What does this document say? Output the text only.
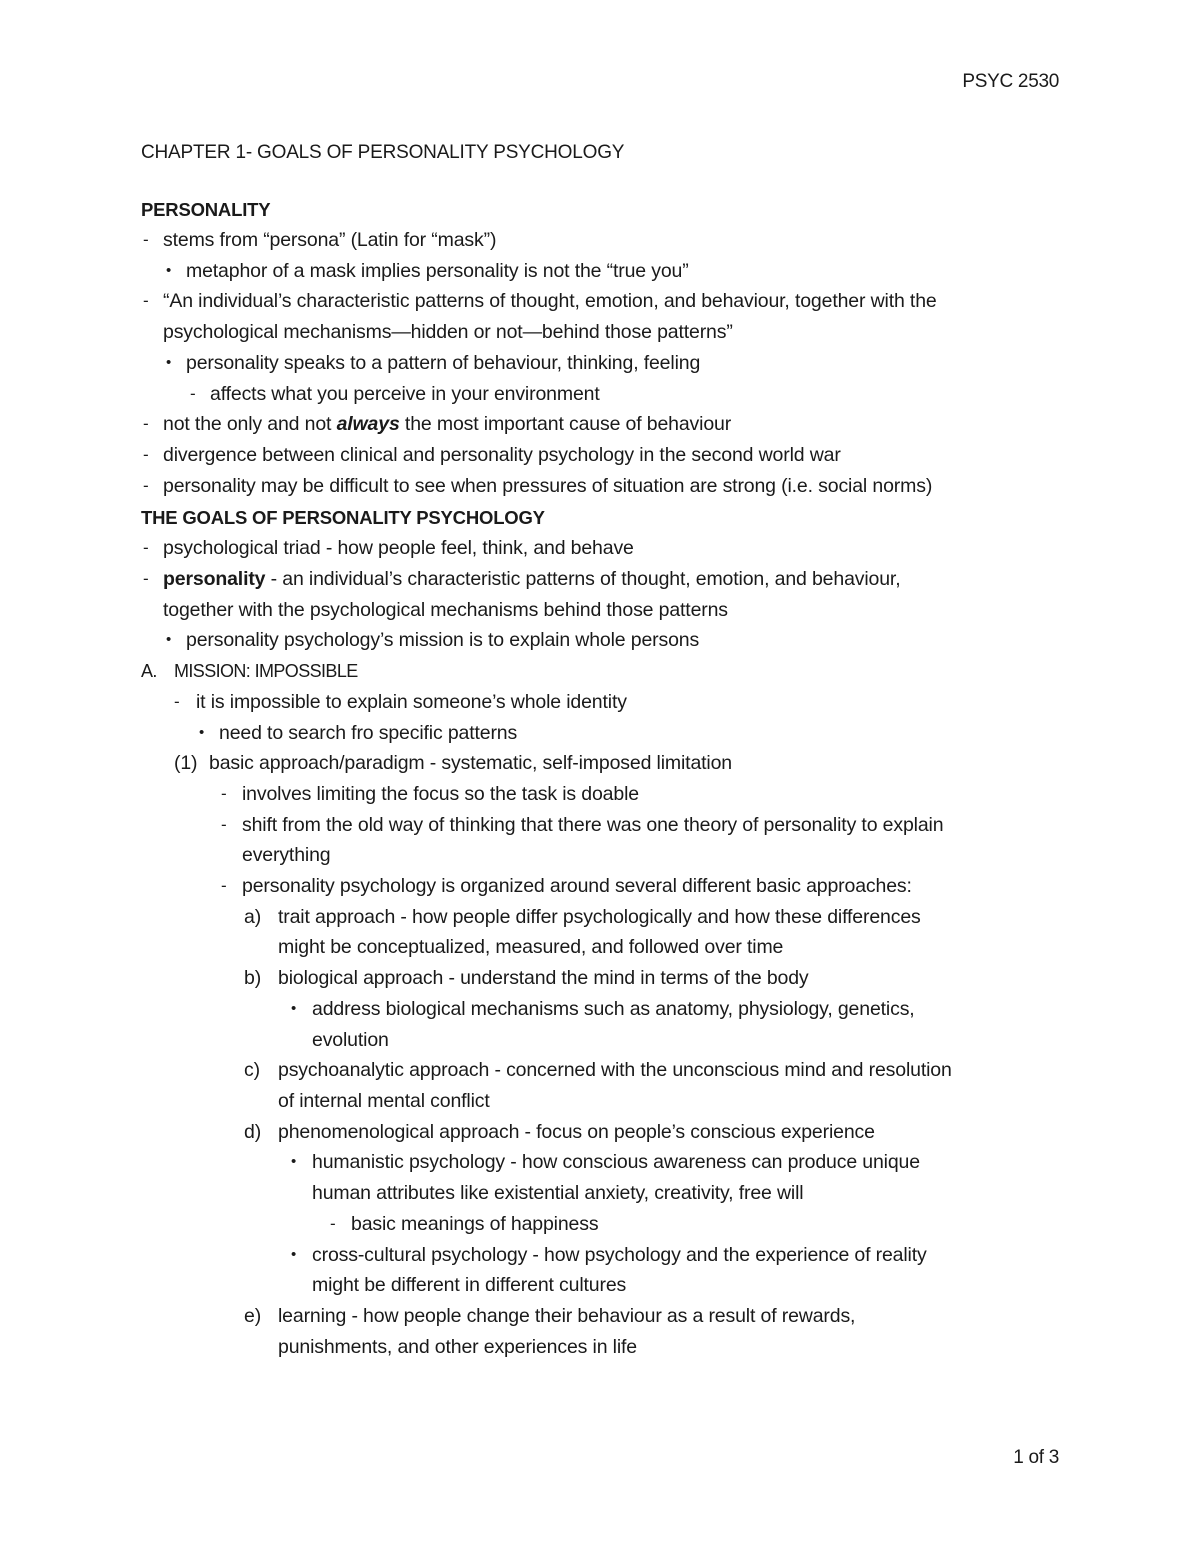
PSYC 2530
CHAPTER 1- GOALS OF PERSONALITY PSYCHOLOGY
PERSONALITY
- stems from “persona” (Latin for “mask”)
• metaphor of a mask implies personality is not the “true you”
- “An individual’s characteristic patterns of thought, emotion, and behaviour, together with the
psychological mechanisms—hidden or not—behind those patterns”
• personality speaks to a pattern of behaviour, thinking, feeling
- affects what you perceive in your environment
- not the only and not always the most important cause of behaviour
- divergence between clinical and personality psychology in the second world war
- personality may be difficult to see when pressures of situation are strong (i.e. social norms)
THE GOALS OF PERSONALITY PSYCHOLOGY
- psychological triad - how people feel, think, and behave
- personality - an individual’s characteristic patterns of thought, emotion, and behaviour,
together with the psychological mechanisms behind those patterns
• personality psychology’s mission is to explain whole persons
A. MISSION: IMPOSSIBLE
- it is impossible to explain someone’s whole identity
• need to search fro specific patterns
(1) basic approach/paradigm - systematic, self-imposed limitation
- involves limiting the focus so the task is doable
- shift from the old way of thinking that there was one theory of personality to explain
everything
- personality psychology is organized around several different basic approaches:
a) trait approach - how people differ psychologically and how these differences
might be conceptualized, measured, and followed over time
b) biological approach - understand the mind in terms of the body
• address biological mechanisms such as anatomy, physiology, genetics,
evolution
c) psychoanalytic approach - concerned with the unconscious mind and resolution
of internal mental conflict
d) phenomenological approach - focus on people’s conscious experience
• humanistic psychology - how conscious awareness can produce unique
human attributes like existential anxiety, creativity, free will
- basic meanings of happiness
• cross-cultural psychology - how psychology and the experience of reality
might be different in different cultures
e) learning - how people change their behaviour as a result of rewards,
punishments, and other experiences in life
1 of 3
